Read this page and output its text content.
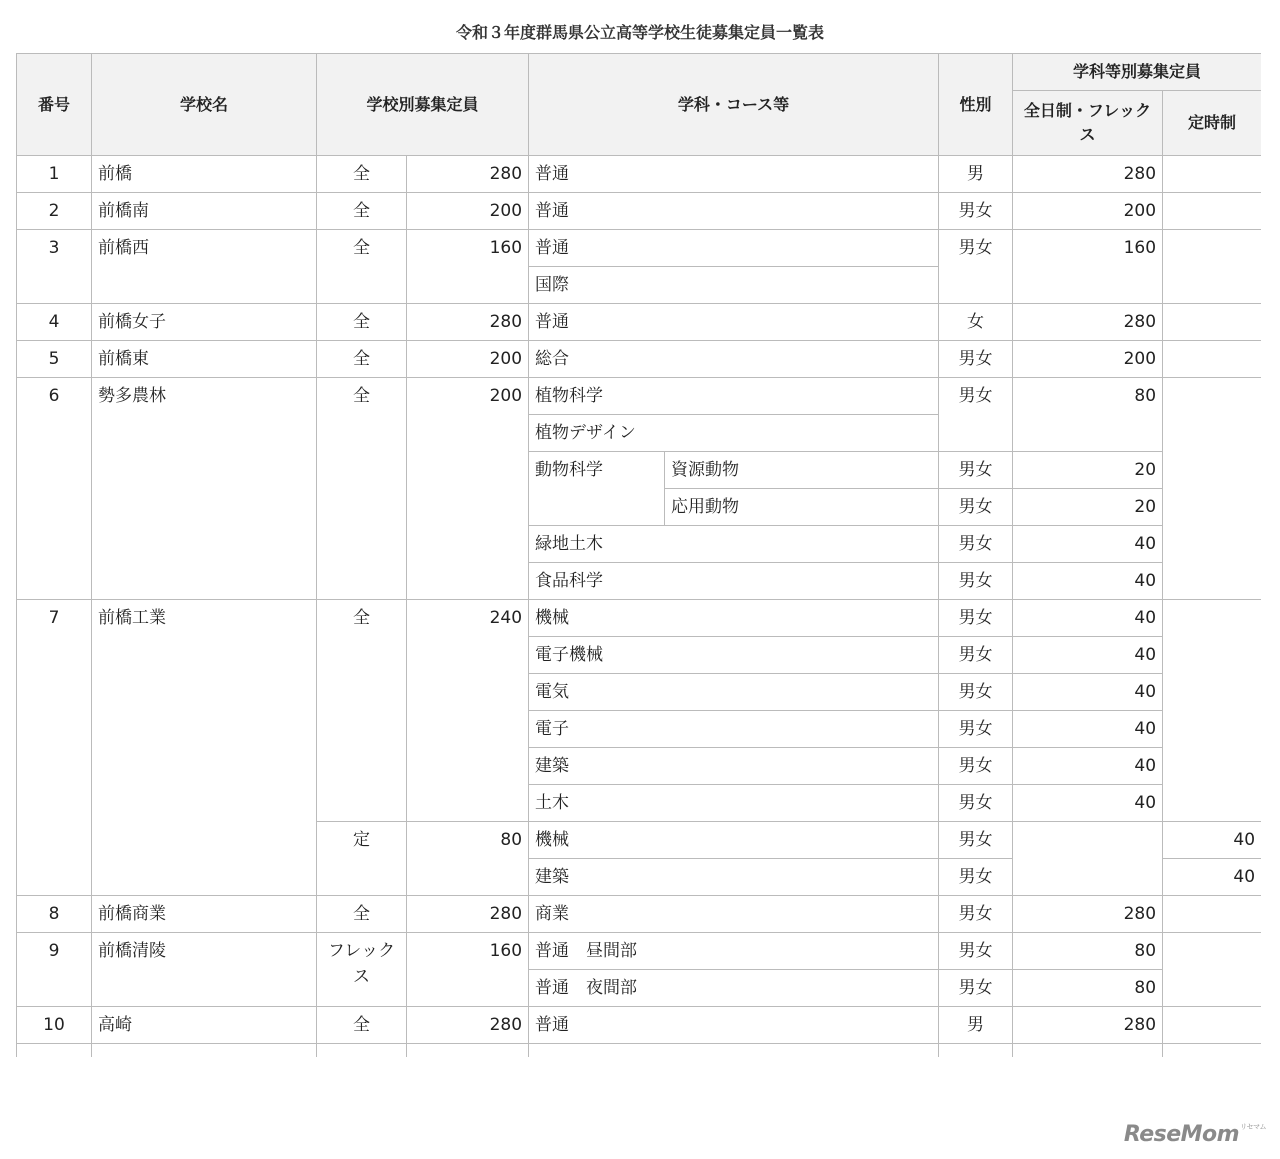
令和３年度群馬県公立高等学校生徒募集定員一覧表
番号	学校名	学校別募集定員		学科・コース等		性別	学科等別募集定員	
							全日制・フレックス	定時制
1	前橋	全	280	普通		男	280	
2	前橋南	全	200	普通		男女	200	
3	前橋西	全	160	普通		男女	160	
				国際				
4	前橋女子	全	280	普通		女	280	
5	前橋東	全	200	総合		男女	200	
6	勢多農林	全	200	植物科学		男女	80	
				植物デザイン				
				動物科学	資源動物	男女	20	
					応用動物	男女	20	
				緑地土木		男女	40	
				食品科学		男女	40	
7	前橋工業	全	240	機械		男女	40	
				電子機械		男女	40	
				電気		男女	40	
				電子		男女	40	
				建築		男女	40	
				土木		男女	40	
		定	80	機械		男女		40
				建築		男女		40
8	前橋商業	全	280	商業		男女	280	
9	前橋清陵	フレックス	160	普通　昼間部		男女	80	
				普通　夜間部		男女	80	
10	高崎	全	280	普通		男	280	

ReseMom$^{リセマム}$
